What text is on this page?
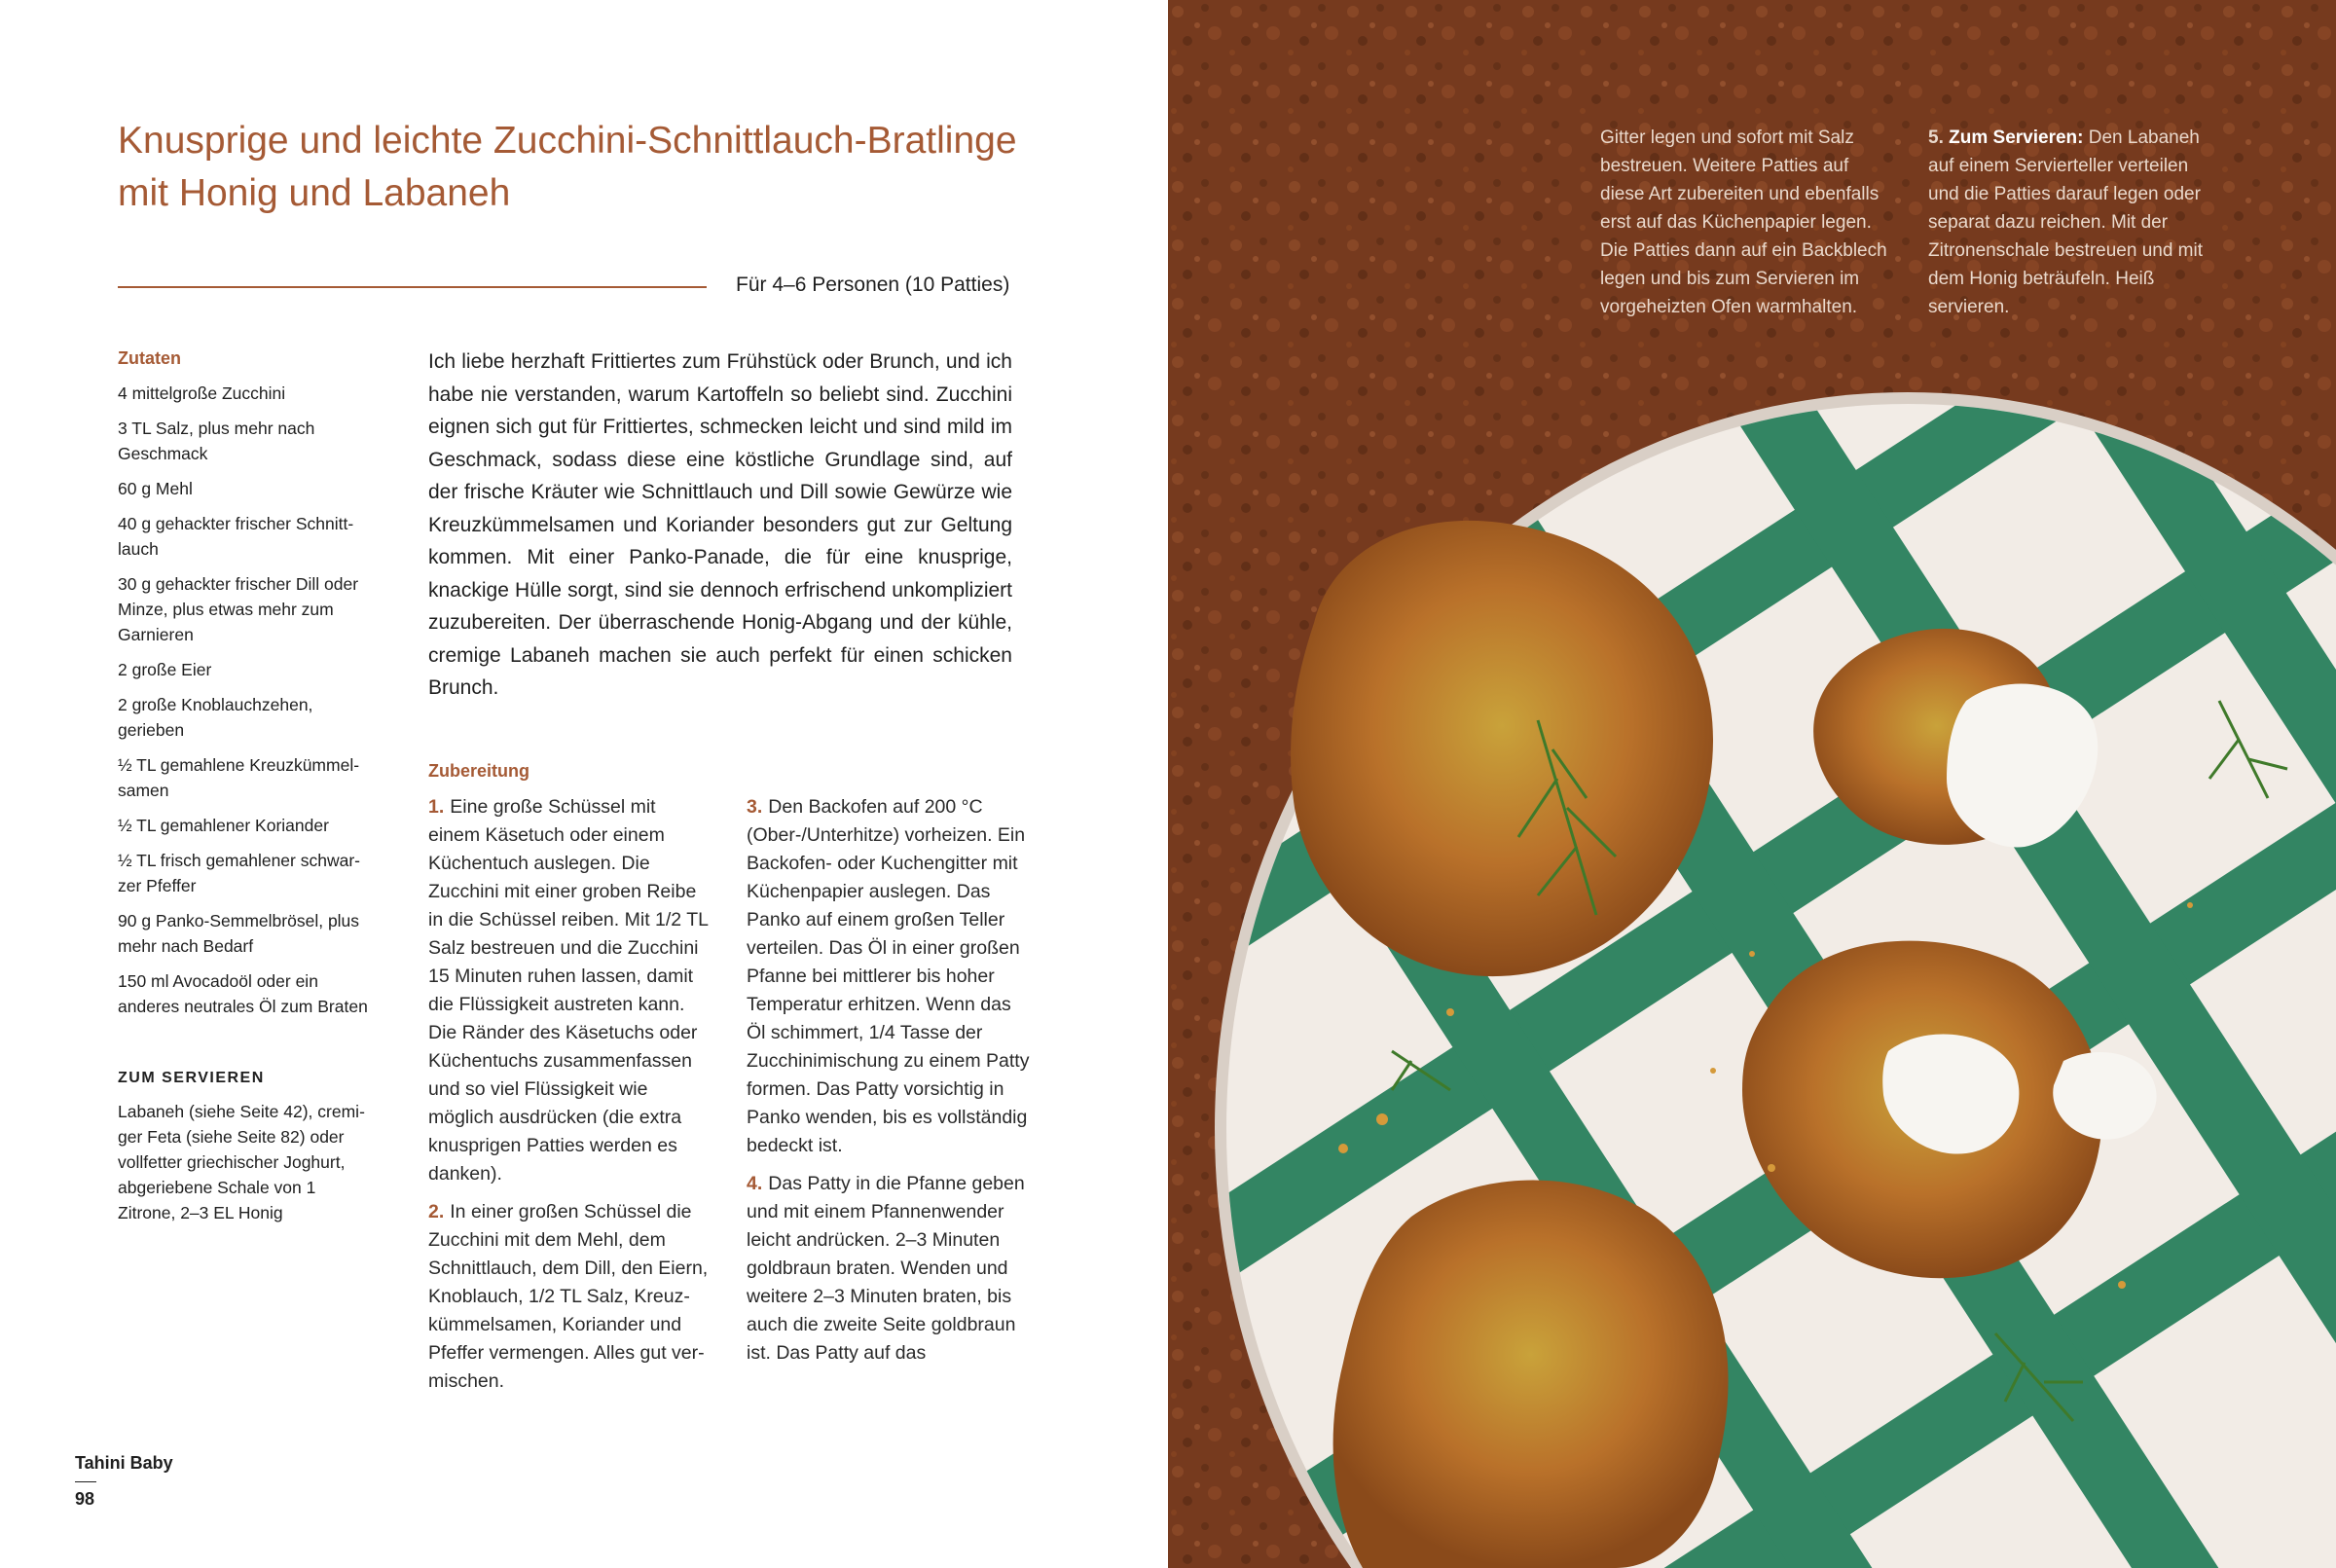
Knusprige und leichte Zucchini-Schnittlauch-Bratlinge
mit Honig und Labaneh
Für 4–6 Personen (10 Patties)
Zutaten
4 mittelgroße Zucchini
3 TL Salz, plus mehr nach Geschmack
60 g Mehl
40 g gehackter frischer Schnittlauch
30 g gehackter frischer Dill oder Minze, plus etwas mehr zum Garnieren
2 große Eier
2 große Knoblauchzehen, gerieben
½ TL gemahlene Kreuzkümmelsamen
½ TL gemahlener Koriander
½ TL frisch gemahlener schwarzer Pfeffer
90 g Panko-Semmelbrösel, plus mehr nach Bedarf
150 ml Avocadoöl oder ein anderes neutrales Öl zum Braten
ZUM SERVIEREN
Labaneh (siehe Seite 42), cremiger Feta (siehe Seite 82) oder vollfetter griechischer Joghurt, abgeriebene Schale von 1 Zitrone, 2–3 EL Honig

Ich liebe herzhaft Frittiertes zum Frühstück oder Brunch, und ich habe nie verstanden, warum Kartoffeln so beliebt sind. Zucchini eignen sich gut für Frittiertes, schmecken leicht und sind mild im Geschmack, sodass diese eine köstliche Grundlage sind, auf der frische Kräuter wie Schnittlauch und Dill sowie Gewürze wie Kreuzkümmelsamen und Koriander besonders gut zur Geltung kommen. Mit einer Panko-Panade, die für eine knusprige, knackige Hülle sorgt, sind sie dennoch erfrischend unkompliziert zuzubereiten. Der überraschende Honig-Abgang und der kühle, cremige Labaneh machen sie auch perfekt für einen schicken Brunch.

Zubereitung

1. Eine große Schüssel mit einem Käsetuch oder einem Küchentuch auslegen. Die Zucchini mit einer groben Reibe in die Schüssel reiben. Mit 1/2 TL Salz bestreuen und die Zucchini 15 Minuten ruhen lassen, damit die Flüssigkeit austreten kann. Die Ränder des Käsetuchs oder Küchentuchs zusammenfassen und so viel Flüssigkeit wie möglich ausdrücken (die extra knusprigen Patties werden es danken).

2. In einer großen Schüssel die Zucchini mit dem Mehl, dem Schnittlauch, dem Dill, den Eiern, Knoblauch, 1/2 TL Salz, Kreuzkümmelsamen, Koriander und Pfeffer vermengen. Alles gut vermischen.

3. Den Backofen auf 200 °C (Ober-/Unterhitze) vorheizen. Ein Backofen- oder Kuchengitter mit Küchenpapier auslegen. Das Panko auf einem großen Teller verteilen. Das Öl in einer großen Pfanne bei mittlerer bis hoher Temperatur erhitzen. Wenn das Öl schimmert, 1/4 Tasse der Zucchinimischung zu einem Patty formen. Das Patty vorsichtig in Panko wenden, bis es vollständig bedeckt ist.

4. Das Patty in die Pfanne geben und mit einem Pfannenwender leicht andrücken. 2–3 Minuten goldbraun braten. Wenden und weitere 2–3 Minuten braten, bis auch die zweite Seite goldbraun ist. Das Patty auf das

Tahini Baby
98
Gitter legen und sofort mit Salz bestreuen. Weitere Patties auf diese Art zubereiten und ebenfalls erst auf das Küchenpapier legen. Die Patties dann auf ein Backblech legen und bis zum Servieren im vorgeheizten Ofen warmhalten.
5. Zum Servieren: Den Labaneh auf einem Servierteller verteilen und die Patties darauf legen oder separat dazu reichen. Mit der Zitronenschale bestreuen und mit dem Honig beträufeln. Heiß servieren.
